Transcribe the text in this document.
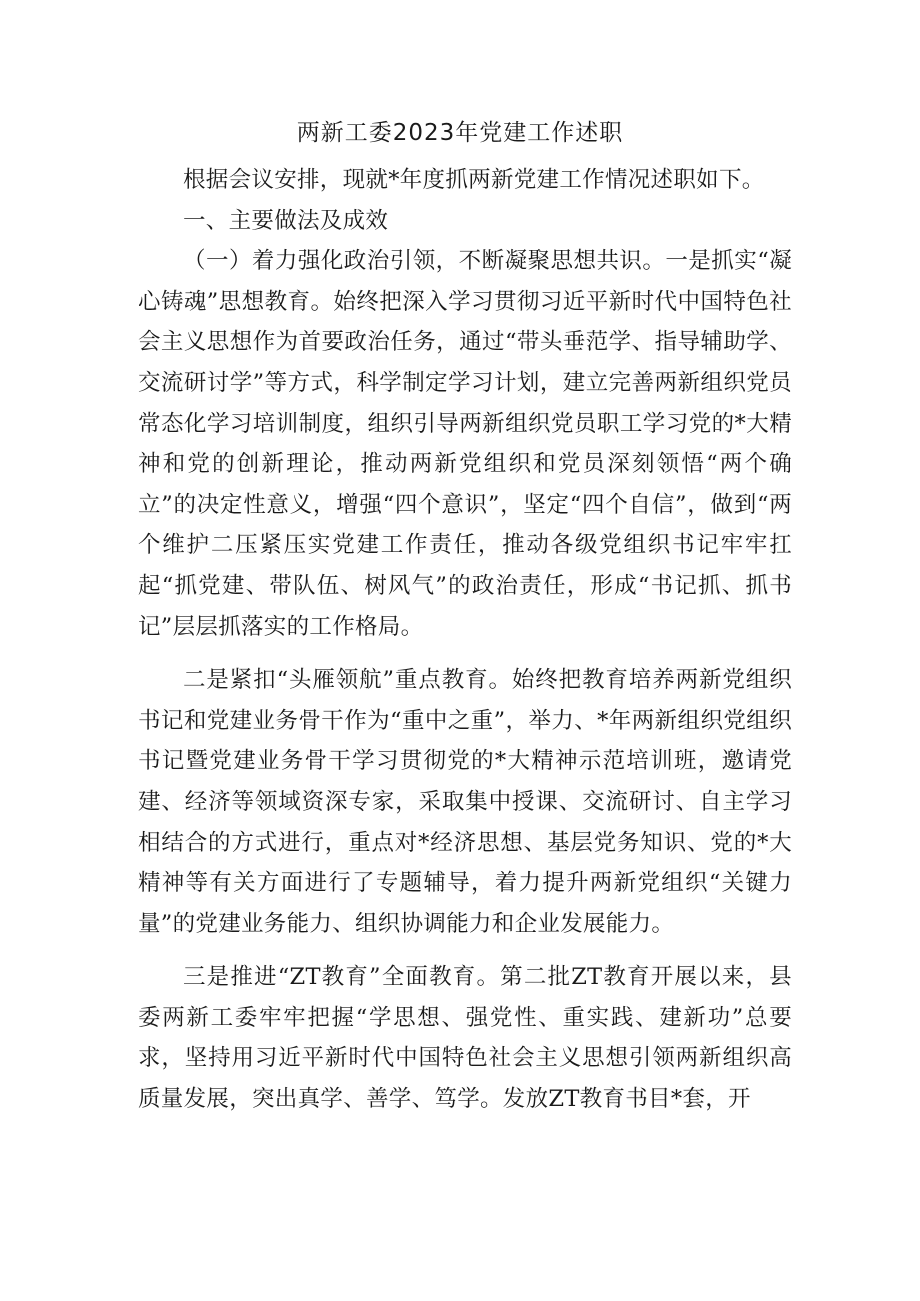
两新工委2023年党建工作述职

根据会议安排，现就*年度抓两新党建工作情况述职如下。

一、主要做法及成效

（一）着力强化政治引领，不断凝聚思想共识。一是抓实“凝心铸魂”思想教育。始终把深入学习贯彻习近平新时代中国特色社会主义思想作为首要政治任务，通过“带头垂范学、指导辅助学、交流研讨学”等方式，科学制定学习计划，建立完善两新组织党员常态化学习培训制度，组织引导两新组织党员职工学习党的*大精神和党的创新理论，推动两新党组织和党员深刻领悟“两个确立”的决定性意义，增强“四个意识”，坚定“四个自信”，做到“两个维护二压紧压实党建工作责任，推动各级党组织书记牢牢扛起“抓党建、带队伍、树风气”的政治责任，形成“书记抓、抓书记”层层抓落实的工作格局。

二是紧扣“头雁领航”重点教育。始终把教育培养两新党组织书记和党建业务骨干作为“重中之重”，举力、*年两新组织党组织书记暨党建业务骨干学习贯彻党的*大精神示范培训班，邀请党建、经济等领域资深专家，采取集中授课、交流研讨、自主学习相结合的方式进行，重点对*经济思想、基层党务知识、党的*大精神等有关方面进行了专题辅导，着力提升两新党组织“关键力量”的党建业务能力、组织协调能力和企业发展能力。

三是推进“ZT教育”全面教育。第二批ZT教育开展以来，县委两新工委牢牢把握“学思想、强党性、重实践、建新功”总要求，坚持用习近平新时代中国特色社会主义思想引领两新组织高质量发展，突出真学、善学、笃学。发放ZT教育书目*套，开
